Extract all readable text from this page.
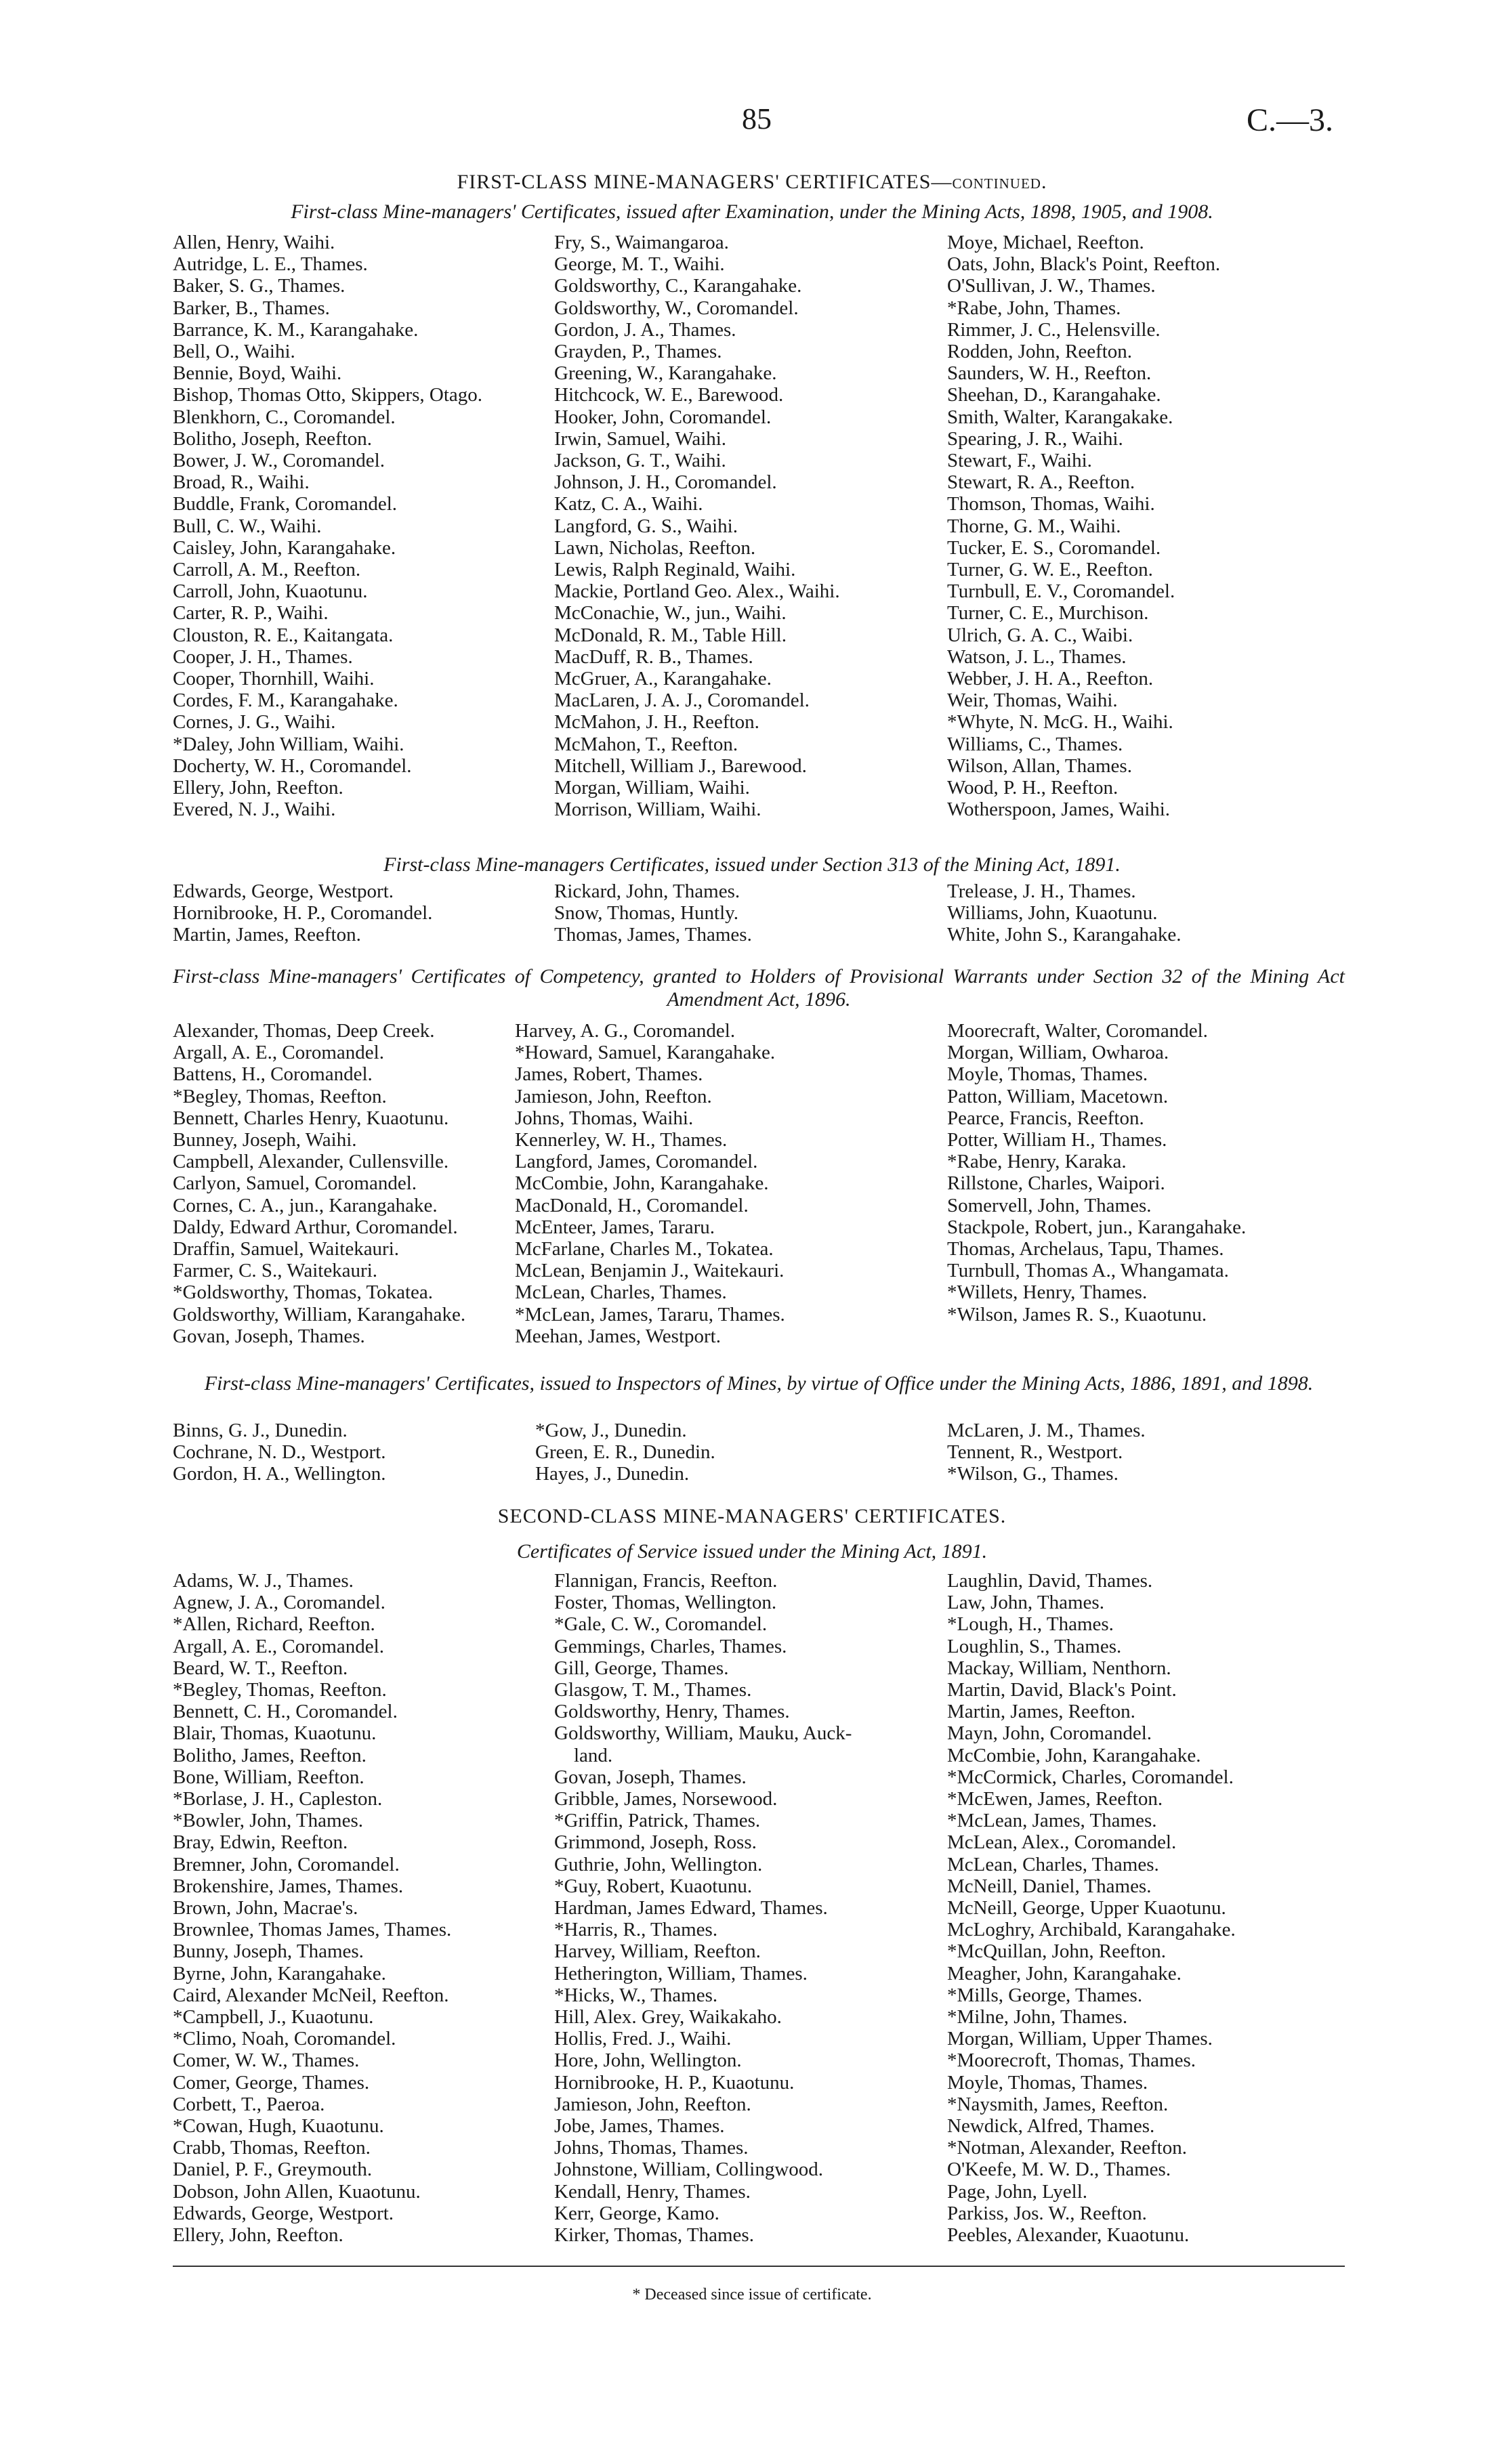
85	C.—3.
FIRST-CLASS MINE-MANAGERS' CERTIFICATES—continued.
First-class Mine-managers' Certificates, issued after Examination, under the Mining Acts, 1898, 1905, and 1908.
Allen, Henry, Waihi.
Autridge, L. E., Thames.
Baker, S. G., Thames.
Barker, B., Thames.
Barrance, K. M., Karangahake.
Bell, O., Waihi.
Bennie, Boyd, Waihi.
Bishop, Thomas Otto, Skippers, Otago.
Blenkhorn, C., Coromandel.
Bolitho, Joseph, Reefton.
Bower, J. W., Coromandel.
Broad, R., Waihi.
Buddle, Frank, Coromandel.
Bull, C. W., Waihi.
Caisley, John, Karangahake.
Carroll, A. M., Reefton.
Carroll, John, Kuaotunu.
Carter, R. P., Waihi.
Clouston, R. E., Kaitangata.
Cooper, J. H., Thames.
Cooper, Thornhill, Waihi.
Cordes, F. M., Karangahake.
Cornes, J. G., Waihi.
*Daley, John William, Waihi.
Docherty, W. H., Coromandel.
Ellery, John, Reefton.
Evered, N. J., Waihi.
Fry, S., Waimangaroa.
George, M. T., Waihi.
Goldsworthy, C., Karangahake.
Goldsworthy, W., Coromandel.
Gordon, J. A., Thames.
Grayden, P., Thames.
Greening, W., Karangahake.
Hitchcock, W. E., Barewood.
Hooker, John, Coromandel.
Irwin, Samuel, Waihi.
Jackson, G. T., Waihi.
Johnson, J. H., Coromandel.
Katz, C. A., Waihi.
Langford, G. S., Waihi.
Lawn, Nicholas, Reefton.
Lewis, Ralph Reginald, Waihi.
Mackie, Portland Geo. Alex., Waihi.
McConachie, W., jun., Waihi.
McDonald, R. M., Table Hill.
MacDuff, R. B., Thames.
McGruer, A., Karangahake.
MacLaren, J. A. J., Coromandel.
McMahon, J. H., Reefton.
McMahon, T., Reefton.
Mitchell, William J., Barewood.
Morgan, William, Waihi.
Morrison, William, Waihi.
Moye, Michael, Reefton.
Oats, John, Black's Point, Reefton.
O'Sullivan, J. W., Thames.
*Rabe, John, Thames.
Rimmer, J. C., Helensville.
Rodden, John, Reefton.
Saunders, W. H., Reefton.
Sheehan, D., Karangahake.
Smith, Walter, Karangakake.
Spearing, J. R., Waihi.
Stewart, F., Waihi.
Stewart, R. A., Reefton.
Thomson, Thomas, Waihi.
Thorne, G. M., Waihi.
Tucker, E. S., Coromandel.
Turner, G. W. E., Reefton.
Turnbull, E. V., Coromandel.
Turner, C. E., Murchison.
Ulrich, G. A. C., Waibi.
Watson, J. L., Thames.
Webber, J. H. A., Reefton.
Weir, Thomas, Waihi.
*Whyte, N. McG. H., Waihi.
Williams, C., Thames.
Wilson, Allan, Thames.
Wood, P. H., Reefton.
Wotherspoon, James, Waihi.
First-class Mine-managers Certificates, issued under Section 313 of the Mining Act, 1891.
Edwards, George, Westport.
Hornibrooke, H. P., Coromandel.
Martin, James, Reefton.
Rickard, John, Thames.
Snow, Thomas, Huntly.
Thomas, James, Thames.
Trelease, J. H., Thames.
Williams, John, Kuaotunu.
White, John S., Karangahake.
First-class Mine-managers' Certificates of Competency, granted to Holders of Provisional Warrants under Section 32 of the Mining Act Amendment Act, 1896.
Alexander, Thomas, Deep Creek.
Argall, A. E., Coromandel.
Battens, H., Coromandel.
*Begley, Thomas, Reefton.
Bennett, Charles Henry, Kuaotunu.
Bunney, Joseph, Waihi.
Campbell, Alexander, Cullensville.
Carlyon, Samuel, Coromandel.
Cornes, C. A., jun., Karangahake.
Daldy, Edward Arthur, Coromandel.
Draffin, Samuel, Waitekauri.
Farmer, C. S., Waitekauri.
*Goldsworthy, Thomas, Tokatea.
Goldsworthy, William, Karangahake.
Govan, Joseph, Thames.
Harvey, A. G., Coromandel.
*Howard, Samuel, Karangahake.
James, Robert, Thames.
Jamieson, John, Reefton.
Johns, Thomas, Waihi.
Kennerley, W. H., Thames.
Langford, James, Coromandel.
McCombie, John, Karangahake.
MacDonald, H., Coromandel.
McEnteer, James, Tararu.
McFarlane, Charles M., Tokatea.
McLean, Benjamin J., Waitekauri.
McLean, Charles, Thames.
*McLean, James, Tararu, Thames.
Meehan, James, Westport.
Moorecraft, Walter, Coromandel.
Morgan, William, Owharoa.
Moyle, Thomas, Thames.
Patton, William, Macetown.
Pearce, Francis, Reefton.
Potter, William H., Thames.
*Rabe, Henry, Karaka.
Rillstone, Charles, Waipori.
Somervell, John, Thames.
Stackpole, Robert, jun., Karangahake.
Thomas, Archelaus, Tapu, Thames.
Turnbull, Thomas A., Whangamata.
*Willets, Henry, Thames.
*Wilson, James R. S., Kuaotunu.
First-class Mine-managers' Certificates, issued to Inspectors of Mines, by virtue of Office under the Mining Acts, 1886, 1891, and 1898.
Binns, G. J., Dunedin.
Cochrane, N. D., Westport.
Gordon, H. A., Wellington.
*Gow, J., Dunedin.
Green, E. R., Dunedin.
Hayes, J., Dunedin.
McLaren, J. M., Thames.
Tennent, R., Westport.
*Wilson, G., Thames.
SECOND-CLASS MINE-MANAGERS' CERTIFICATES.
Certificates of Service issued under the Mining Act, 1891.
Adams, W. J., Thames.
Agnew, J. A., Coromandel.
*Allen, Richard, Reefton.
Argall, A. E., Coromandel.
Beard, W. T., Reefton.
*Begley, Thomas, Reefton.
Bennett, C. H., Coromandel.
Blair, Thomas, Kuaotunu.
Bolitho, James, Reefton.
Bone, William, Reefton.
*Borlase, J. H., Capleston.
*Bowler, John, Thames.
Bray, Edwin, Reefton.
Bremner, John, Coromandel.
Brokenshire, James, Thames.
Brown, John, Macrae's.
Brownlee, Thomas James, Thames.
Bunny, Joseph, Thames.
Byrne, John, Karangahake.
Caird, Alexander McNeil, Reefton.
*Campbell, J., Kuaotunu.
*Climo, Noah, Coromandel.
Comer, W. W., Thames.
Comer, George, Thames.
Corbett, T., Paeroa.
*Cowan, Hugh, Kuaotunu.
Crabb, Thomas, Reefton.
Daniel, P. F., Greymouth.
Dobson, John Allen, Kuaotunu.
Edwards, George, Westport.
Ellery, John, Reefton.
Flannigan, Francis, Reefton.
Foster, Thomas, Wellington.
*Gale, C. W., Coromandel.
Gemmings, Charles, Thames.
Gill, George, Thames.
Glasgow, T. M., Thames.
Goldsworthy, Henry, Thames.
Goldsworthy, William, Mauku, Auck-
land.
Govan, Joseph, Thames.
Gribble, James, Norsewood.
*Griffin, Patrick, Thames.
Grimmond, Joseph, Ross.
Guthrie, John, Wellington.
*Guy, Robert, Kuaotunu.
Hardman, James Edward, Thames.
*Harris, R., Thames.
Harvey, William, Reefton.
Hetherington, William, Thames.
*Hicks, W., Thames.
Hill, Alex. Grey, Waikakaho.
Hollis, Fred. J., Waihi.
Hore, John, Wellington.
Hornibrooke, H. P., Kuaotunu.
Jamieson, John, Reefton.
Jobe, James, Thames.
Johns, Thomas, Thames.
Johnstone, William, Collingwood.
Kendall, Henry, Thames.
Kerr, George, Kamo.
Kirker, Thomas, Thames.
Laughlin, David, Thames.
Law, John, Thames.
*Lough, H., Thames.
Loughlin, S., Thames.
Mackay, William, Nenthorn.
Martin, David, Black's Point.
Martin, James, Reefton.
Mayn, John, Coromandel.
McCombie, John, Karangahake.
*McCormick, Charles, Coromandel.
*McEwen, James, Reefton.
*McLean, James, Thames.
McLean, Alex., Coromandel.
McLean, Charles, Thames.
McNeill, Daniel, Thames.
McNeill, George, Upper Kuaotunu.
McLoghry, Archibald, Karangahake.
*McQuillan, John, Reefton.
Meagher, John, Karangahake.
*Mills, George, Thames.
*Milne, John, Thames.
Morgan, William, Upper Thames.
*Moorecroft, Thomas, Thames.
Moyle, Thomas, Thames.
*Naysmith, James, Reefton.
Newdick, Alfred, Thames.
*Notman, Alexander, Reefton.
O'Keefe, M. W. D., Thames.
Page, John, Lyell.
Parkiss, Jos. W., Reefton.
Peebles, Alexander, Kuaotunu.
* Deceased since issue of certificate.
